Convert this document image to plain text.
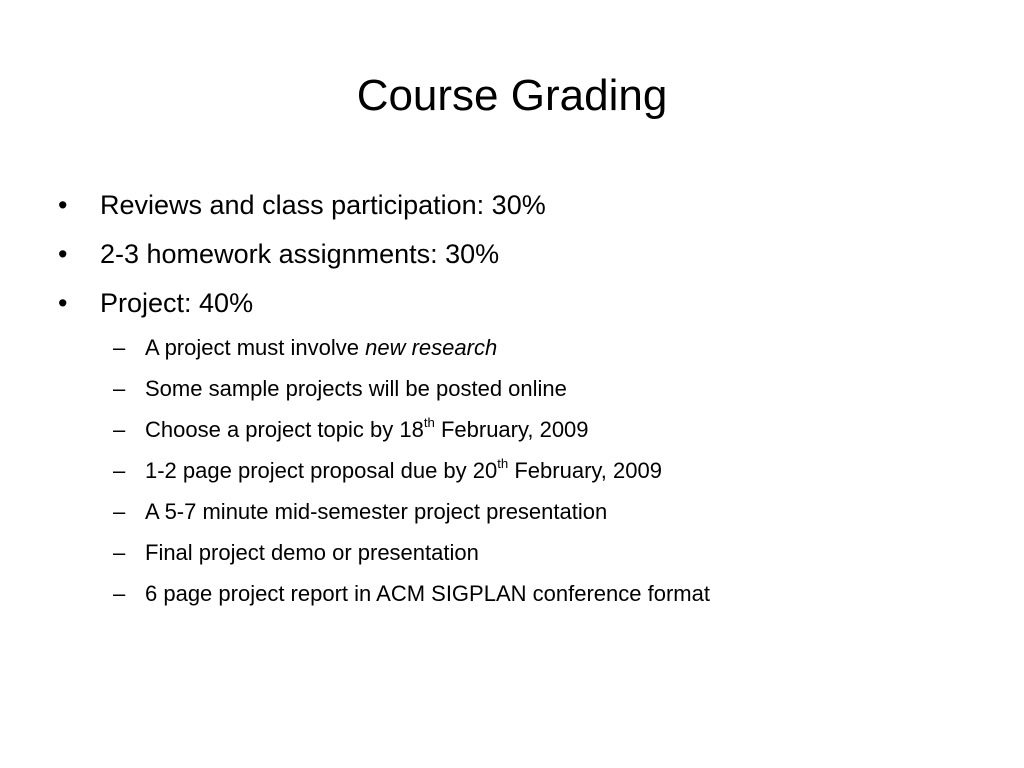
Course Grading
• Reviews and class participation: 30%
• 2-3 homework assignments: 30%
• Project: 40%
– A project must involve new research
– Some sample projects will be posted online
– Choose a project topic by 18th February, 2009
– 1-2 page project proposal due by 20th February, 2009
– A 5-7 minute mid-semester project presentation
– Final project demo or presentation
– 6 page project report in ACM SIGPLAN conference format
